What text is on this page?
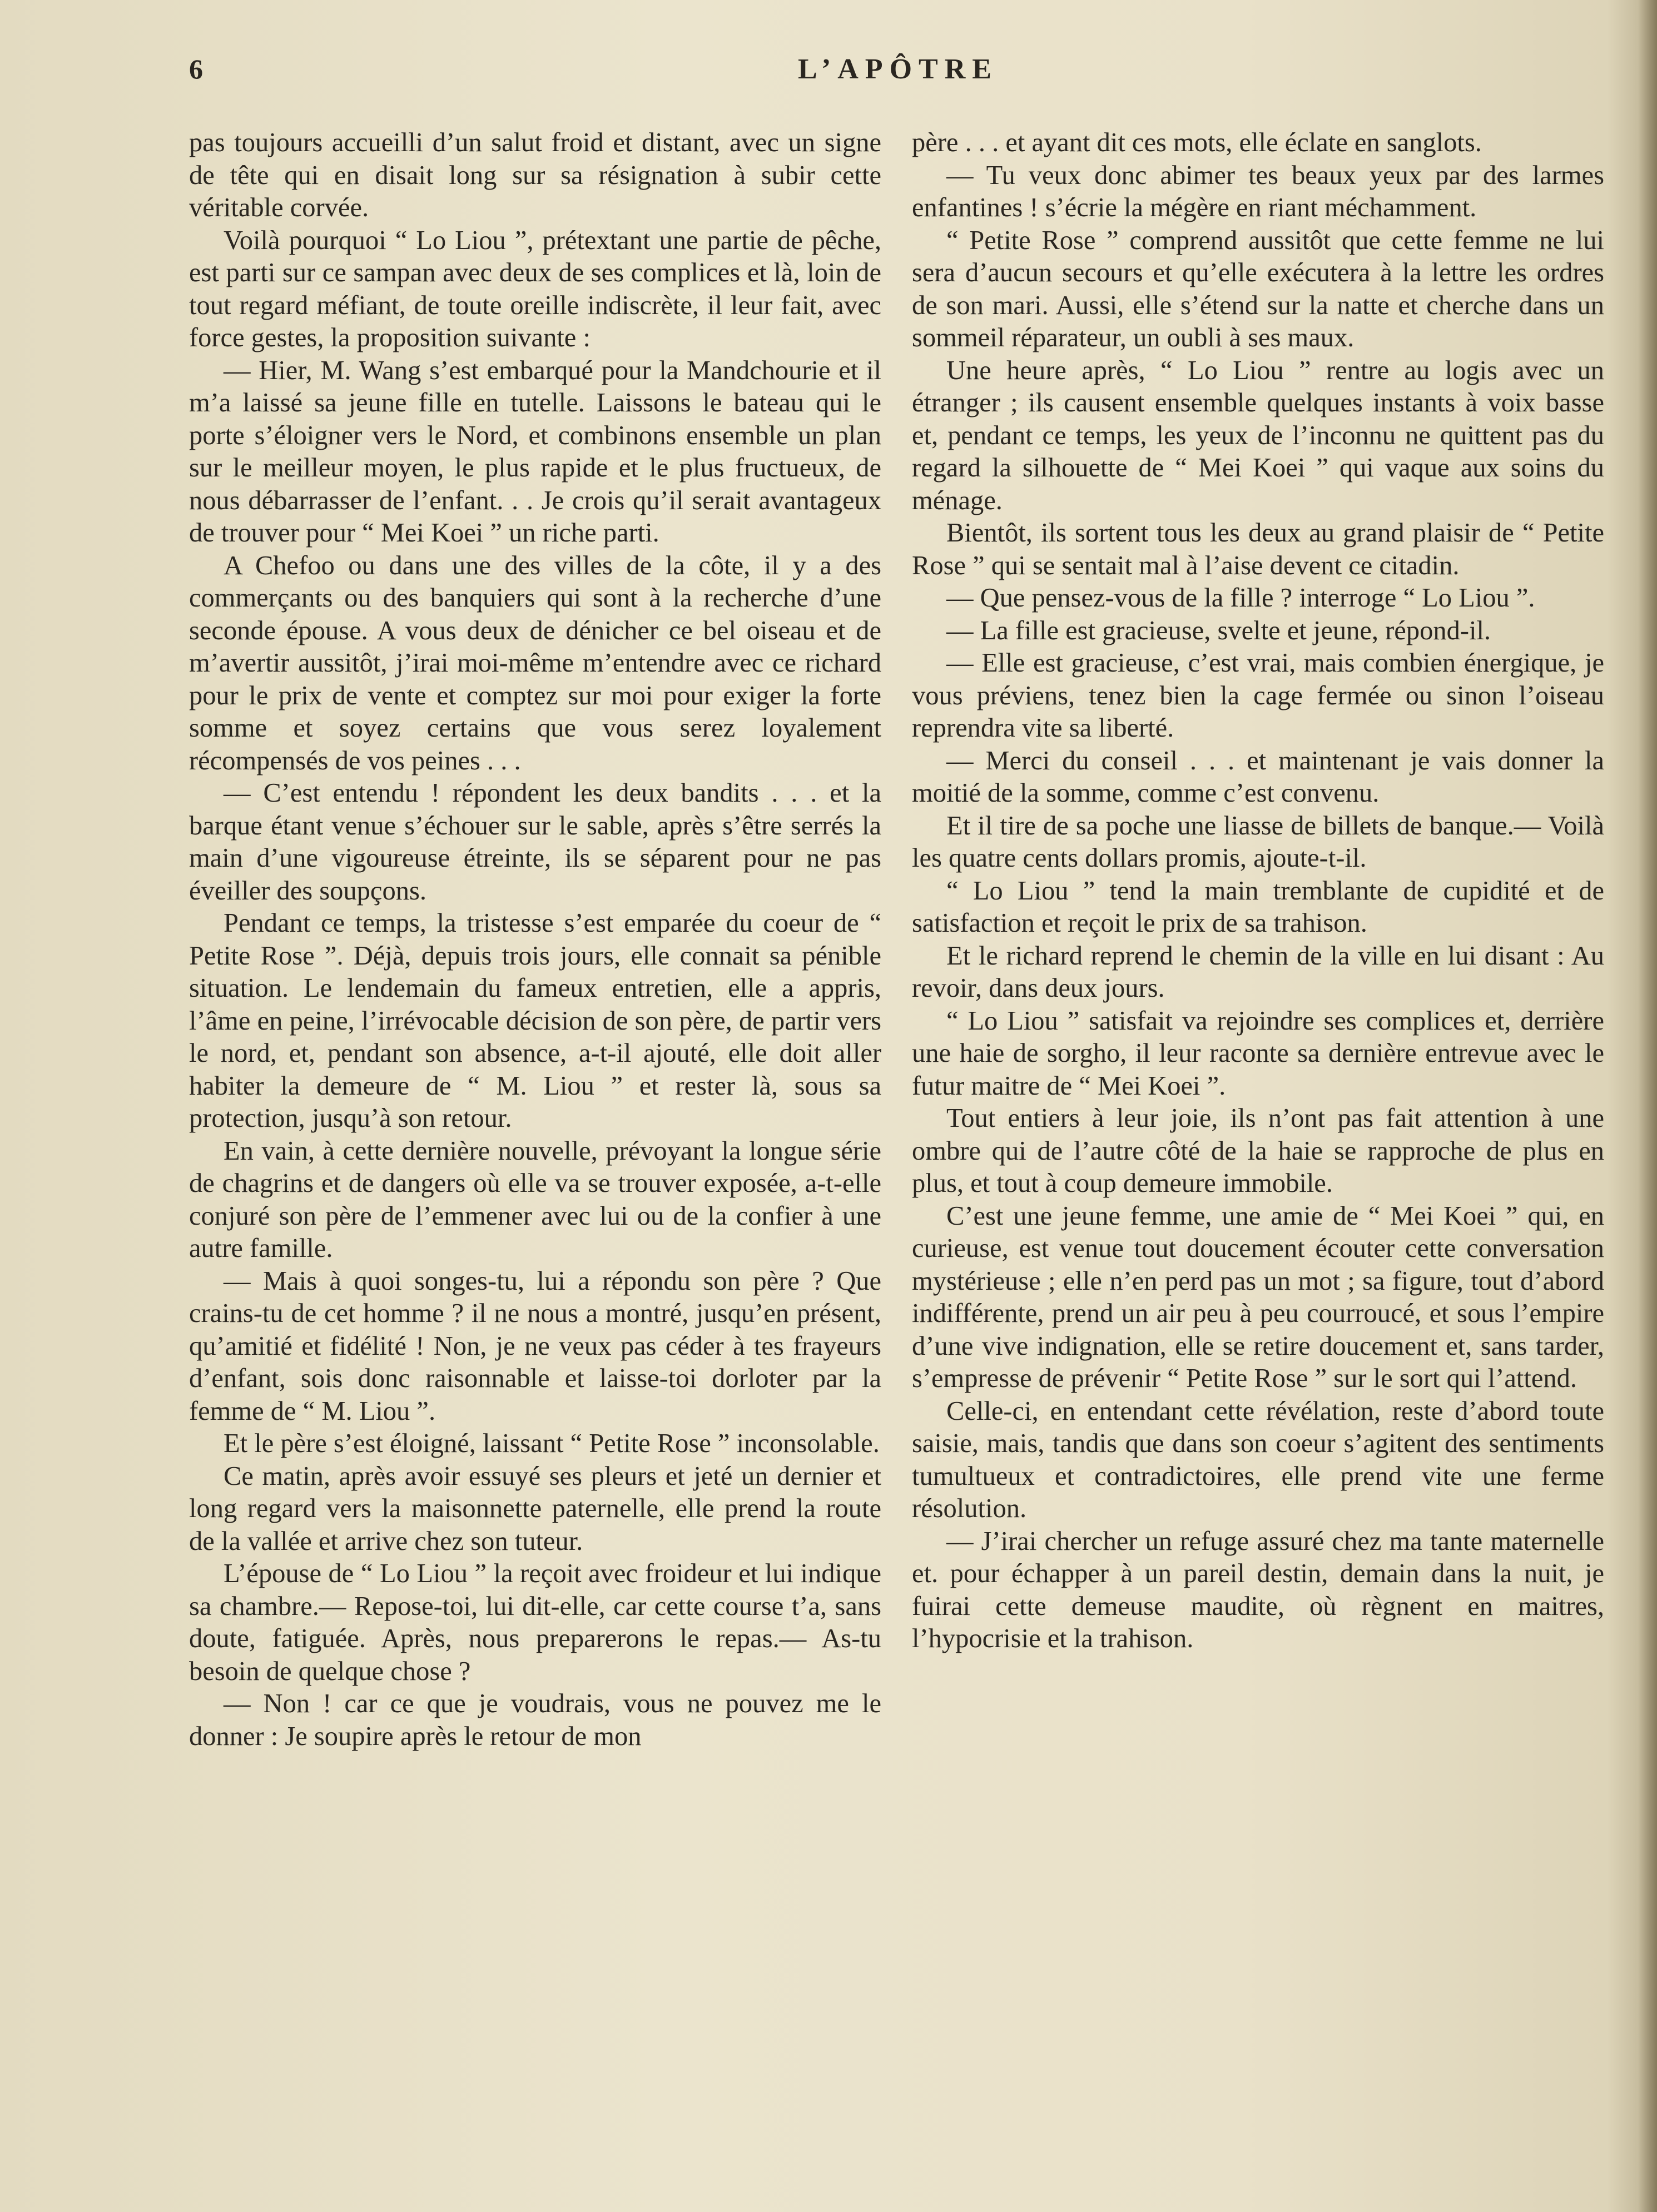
6	L’APÔTRE

pas toujours accueilli d’un salut froid et distant, avec un signe de tête qui en disait long sur sa résignation à subir cette véritable corvée.

Voilà pourquoi “ Lo Liou ”, prétextant une partie de pêche, est parti sur ce sampan avec deux de ses complices et là, loin de tout regard méfiant, de toute oreille indiscrète, il leur fait, avec force gestes, la proposition suivante :

— Hier, M. Wang s’est embarqué pour la Mandchourie et il m’a laissé sa jeune fille en tutelle. Laissons le bateau qui le porte s’éloigner vers le Nord, et combinons ensemble un plan sur le meilleur moyen, le plus rapide et le plus fructueux, de nous débarrasser de l’enfant. . . Je crois qu’il serait avantageux de trouver pour “ Mei Koei ” un riche parti.

A Chefoo ou dans une des villes de la côte, il y a des commerçants ou des banquiers qui sont à la recherche d’une seconde épouse. A vous deux de dénicher ce bel oiseau et de m’avertir aussitôt, j’irai moi-même m’entendre avec ce richard pour le prix de vente et comptez sur moi pour exiger la forte somme et soyez certains que vous serez loyalement récompensés de vos peines . . .

— C’est entendu ! répondent les deux bandits . . . et la barque étant venue s’échouer sur le sable, après s’être serrés la main d’une vigoureuse étreinte, ils se séparent pour ne pas éveiller des soupçons.

Pendant ce temps, la tristesse s’est emparée du coeur de “ Petite Rose ”. Déjà, depuis trois jours, elle connait sa pénible situation. Le lendemain du fameux entretien, elle a appris, l’âme en peine, l’irrévocable décision de son père, de partir vers le nord, et, pendant son absence, a-t-il ajouté, elle doit aller habiter la demeure de “ M. Liou ” et rester là, sous sa protection, jusqu’à son retour.

En vain, à cette dernière nouvelle, prévoyant la longue série de chagrins et de dangers où elle va se trouver exposée, a-t-elle conjuré son père de l’emmener avec lui ou de la confier à une autre famille.

— Mais à quoi songes-tu, lui a répondu son père ? Que crains-tu de cet homme ? il ne nous a montré, jusqu’en présent, qu’amitié et fidélité ! Non, je ne veux pas céder à tes frayeurs d’enfant, sois donc raisonnable et laisse-toi dorloter par la femme de “ M. Liou ”.

Et le père s’est éloigné, laissant “ Petite Rose ” inconsolable.

Ce matin, après avoir essuyé ses pleurs et jeté un dernier et long regard vers la maisonnette paternelle, elle prend la route de la vallée et arrive chez son tuteur.

L’épouse de “ Lo Liou ” la reçoit avec froideur et lui indique sa chambre.— Repose-toi, lui dit-elle, car cette course t’a, sans doute, fatiguée. Après, nous preparerons le repas.— As-tu besoin de quelque chose ?

— Non ! car ce que je voudrais, vous ne pouvez me le donner : Je soupire après le retour de mon

père . . . et ayant dit ces mots, elle éclate en sanglots.

— Tu veux donc abimer tes beaux yeux par des larmes enfantines ! s’écrie la mégère en riant méchamment.

“ Petite Rose ” comprend aussitôt que cette femme ne lui sera d’aucun secours et qu’elle exécutera à la lettre les ordres de son mari. Aussi, elle s’étend sur la natte et cherche dans un sommeil réparateur, un oubli à ses maux.

Une heure après, “ Lo Liou ” rentre au logis avec un étranger ; ils causent ensemble quelques instants à voix basse et, pendant ce temps, les yeux de l’inconnu ne quittent pas du regard la silhouette de “ Mei Koei ” qui vaque aux soins du ménage.

Bientôt, ils sortent tous les deux au grand plaisir de “ Petite Rose ” qui se sentait mal à l’aise devent ce citadin.

— Que pensez-vous de la fille ? interroge “ Lo Liou ”.

— La fille est gracieuse, svelte et jeune, répond-il.

— Elle est gracieuse, c’est vrai, mais combien énergique, je vous préviens, tenez bien la cage fermée ou sinon l’oiseau reprendra vite sa liberté.

— Merci du conseil . . . et maintenant je vais donner la moitié de la somme, comme c’est convenu.

Et il tire de sa poche une liasse de billets de banque.— Voilà les quatre cents dollars promis, ajoute-t-il.

“ Lo Liou ” tend la main tremblante de cupidité et de satisfaction et reçoit le prix de sa trahison.

Et le richard reprend le chemin de la ville en lui disant : Au revoir, dans deux jours.

“ Lo Liou ” satisfait va rejoindre ses complices et, derrière une haie de sorgho, il leur raconte sa dernière entrevue avec le futur maitre de “ Mei Koei ”.

Tout entiers à leur joie, ils n’ont pas fait attention à une ombre qui de l’autre côté de la haie se rapproche de plus en plus, et tout à coup demeure immobile.

C’est une jeune femme, une amie de “ Mei Koei ” qui, en curieuse, est venue tout doucement écouter cette conversation mystérieuse ; elle n’en perd pas un mot ; sa figure, tout d’abord indifférente, prend un air peu à peu courroucé, et sous l’empire d’une vive indignation, elle se retire doucement et, sans tarder, s’empresse de prévenir “ Petite Rose ” sur le sort qui l’attend.

Celle-ci, en entendant cette révélation, reste d’abord toute saisie, mais, tandis que dans son coeur s’agitent des sentiments tumultueux et contradictoires, elle prend vite une ferme résolution.

— J’irai chercher un refuge assuré chez ma tante maternelle et. pour échapper à un pareil destin, demain dans la nuit, je fuirai cette demeuse maudite, où règnent en maitres, l’hypocrisie et la trahison.
